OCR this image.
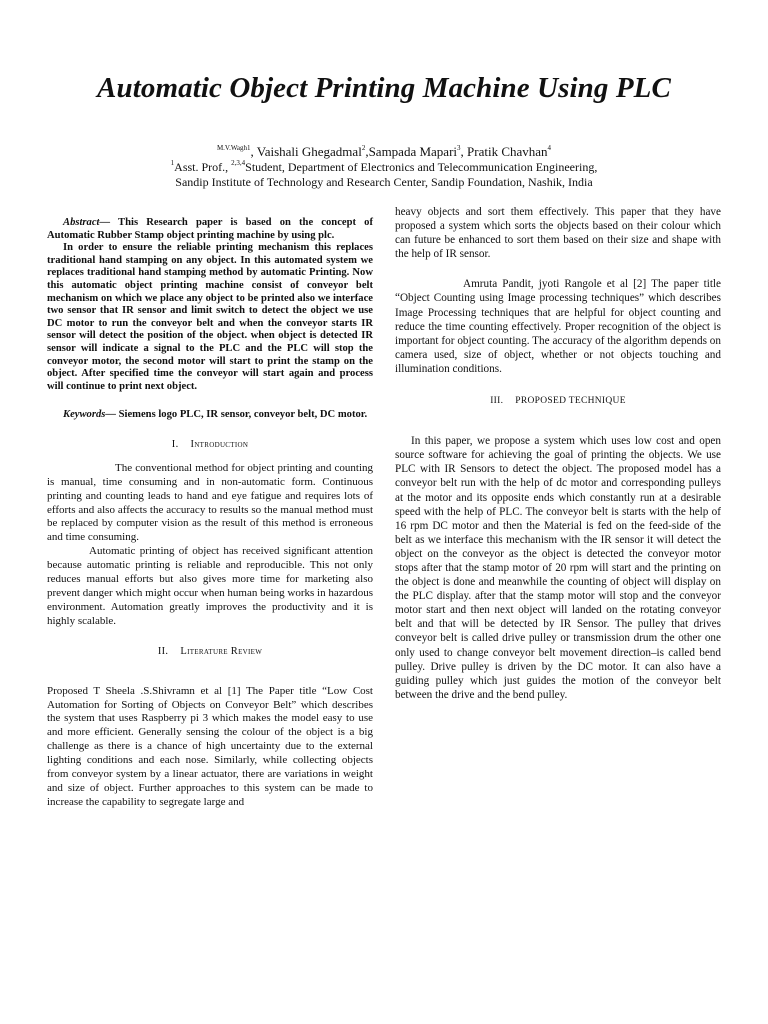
Automatic Object Printing Machine Using PLC
$^{M.V.Wagh1}$, Vaishali Ghegadmal$^2$,Sampada Mapari$^3$, Pratik Chavhan$^4$
$^1$Asst. Prof., $^{2,3,4}$Student, Department of Electronics and Telecommunication Engineering,
Sandip Institute of Technology and Research Center, Sandip Foundation, Nashik, India

Abstract— This Research paper is based on the concept of Automatic Rubber Stamp object printing machine by using plc.

In order to ensure the reliable printing mechanism this replaces traditional hand stamping on any object. In this automated system we replaces traditional hand stamping method by automatic Printing. Now this automatic object printing machine consist of conveyor belt mechanism on which we place any object to be printed also we interface two sensor that IR sensor and limit switch to detect the object we use DC motor to run the conveyor belt and when the conveyor starts IR sensor will detect the position of the object. when object is detected IR sensor will indicate a signal to the PLC and the PLC will stop the conveyor motor, the second motor will start to print the stamp on the object. After specified time the conveyor will start again and process will continue to print next object.

Keywords— Siemens logo PLC, IR sensor, conveyor belt, DC motor.

I. Introduction

The conventional method for object printing and counting is manual, time consuming and in non-automatic form. Continuous printing and counting leads to hand and eye fatigue and requires lots of efforts and also affects the accuracy to results so the manual method must be replaced by computer vision as the result of this method is erroneous and time consuming.

Automatic printing of object has received significant attention because automatic printing is reliable and reproducible. This not only reduces manual efforts but also gives more time for marketing also prevent danger which might occur when human being works in hazardous environment. Automation greatly improves the productivity and it is highly scalable.

II. Literature Review

Proposed T Sheela .S.Shivramn et al [1] The Paper title “Low Cost Automation for Sorting of Objects on Conveyor Belt” which describes the system that uses Raspberry pi 3 which makes the model easy to use and more efficient. Generally sensing the colour of the object is a big challenge as there is a chance of high uncertainty due to the external lighting conditions and each nose. Similarly, while collecting objects from conveyor system by a linear actuator, there are variations in weight and size of object. Further approaches to this system can be made to increase the capability to segregate large and

heavy objects and sort them effectively. This paper that they have proposed a system which sorts the objects based on their colour which can future be enhanced to sort them based on their size and shape with the help of IR sensor.

Amruta Pandit, jyoti Rangole et al [2] The paper title “Object Counting using Image processing techniques” which describes Image Processing techniques that are helpful for object counting and reduce the time counting effectively. Proper recognition of the object is important for object counting. The accuracy of the algorithm depends on camera used, size of object, whether or not objects touching and illumination conditions.

III. PROPOSED TECHNIQUE

In this paper, we propose a system which uses low cost and open source software for achieving the goal of printing the objects. We use PLC with IR Sensors to detect the object. The proposed model has a conveyor belt run with the help of dc motor and corresponding pulleys at the motor and its opposite ends which constantly run at a desirable speed with the help of PLC. The conveyor belt is starts with the help of 16 rpm DC motor and then the Material is fed on the feed-side of the belt as we interface this mechanism with the IR sensor it will detect the object on the conveyor as the object is detected the conveyor motor stops after that the stamp motor of 20 rpm will start and the printing on the object is done and meanwhile the counting of object will display on the PLC display. after that the stamp motor will stop and the conveyor motor start and then next object will landed on the rotating conveyor belt and that will be detected by IR Sensor. The pulley that drives conveyor belt is called drive pulley or transmission drum the other one only used to change conveyor belt movement direction–is called bend pulley. Drive pulley is driven by the DC motor. It can also have a guiding pulley which just guides the motion of the conveyor belt between the drive and the bend pulley.
